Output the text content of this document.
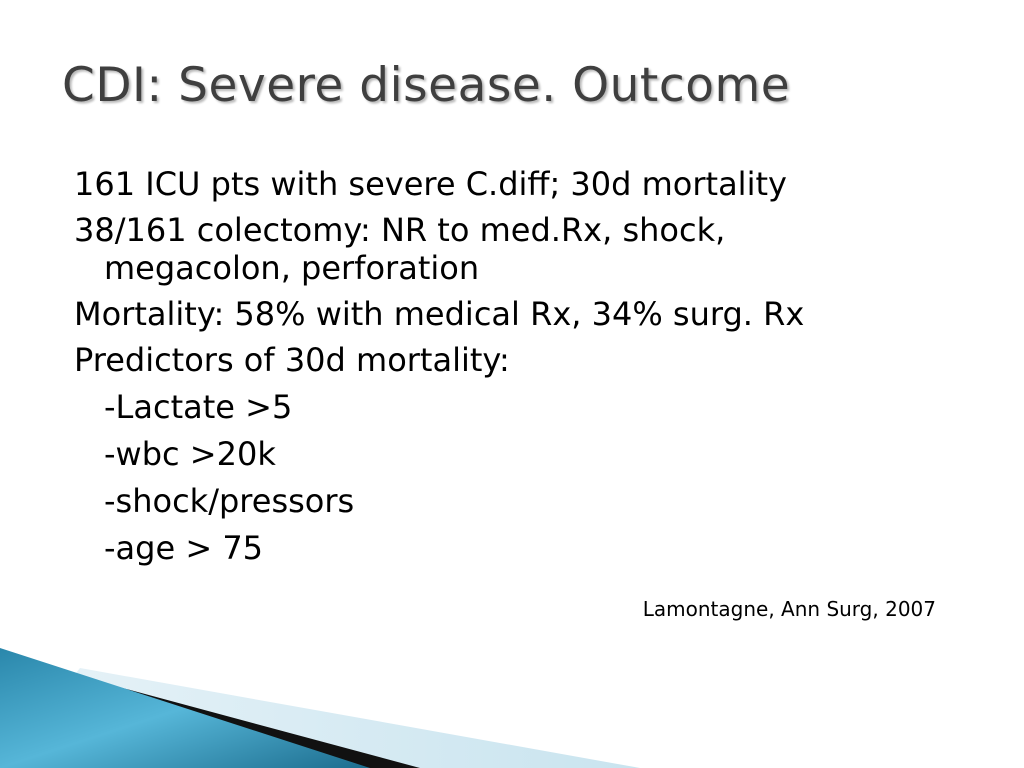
CDI: Severe disease. Outcome
161 ICU pts with severe C.diff; 30d mortality
38/161 colectomy: NR to med.Rx, shock,
megacolon, perforation
Mortality: 58% with medical Rx, 34% surg. Rx
Predictors of 30d mortality:
-Lactate >5
-wbc >20k
-shock/pressors
-age > 75
Lamontagne, Ann Surg, 2007
